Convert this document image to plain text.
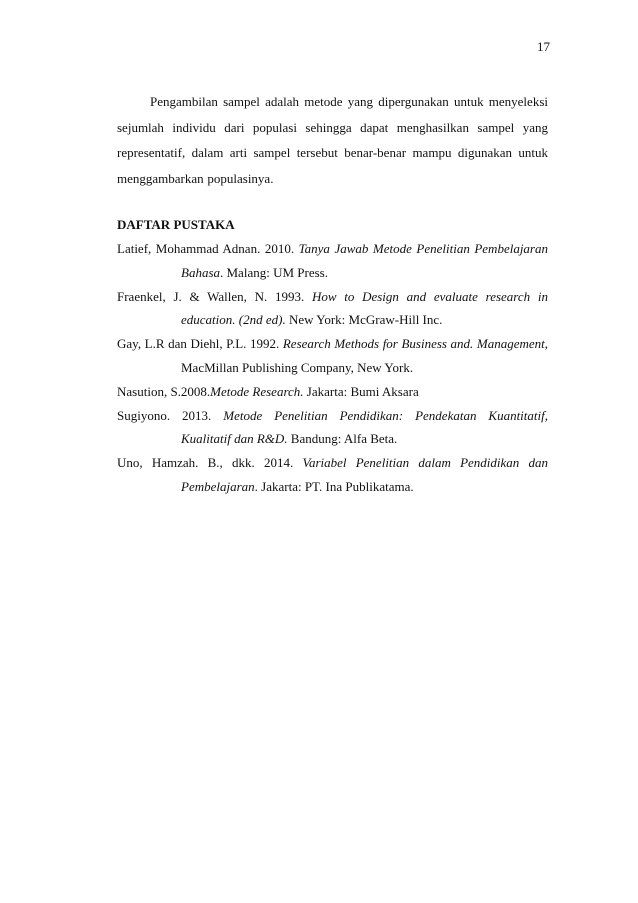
17

Pengambilan sampel adalah metode yang dipergunakan untuk menyeleksi sejumlah individu dari populasi sehingga dapat menghasilkan sampel yang representatif, dalam arti sampel tersebut benar-benar mampu digunakan untuk menggambarkan populasinya.

DAFTAR PUSTAKA
Latief, Mohammad Adnan. 2010. Tanya Jawab Metode Penelitian Pembelajaran Bahasa. Malang: UM Press.
Fraenkel, J. & Wallen, N. 1993. How to Design and evaluate research in education. (2nd ed). New York: McGraw-Hill Inc.
Gay, L.R dan Diehl, P.L. 1992. Research Methods for Business and. Management, MacMillan Publishing Company, New York.
Nasution, S.2008.Metode Research. Jakarta: Bumi Aksara
Sugiyono. 2013. Metode Penelitian Pendidikan: Pendekatan Kuantitatif, Kualitatif dan R&D. Bandung: Alfa Beta.
Uno, Hamzah. B., dkk. 2014. Variabel Penelitian dalam Pendidikan dan Pembelajaran. Jakarta: PT. Ina Publikatama.
